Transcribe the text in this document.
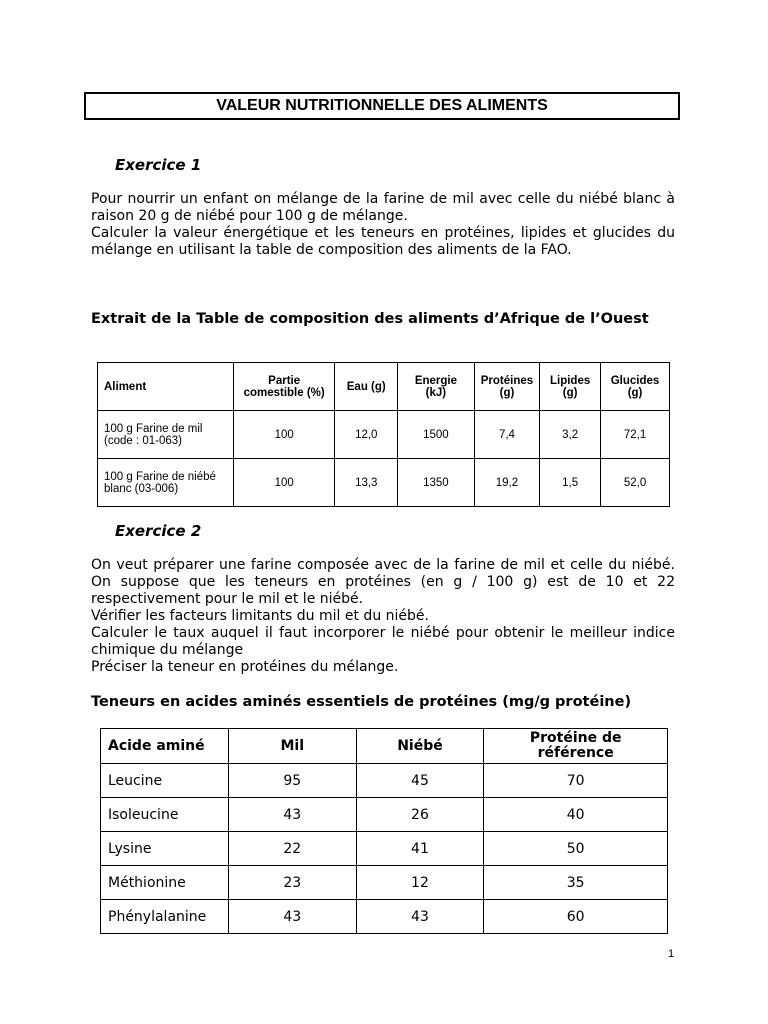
VALEUR NUTRITIONNELLE DES ALIMENTS
Exercice 1

Pour nourrir un enfant on mélange de la farine de mil avec celle du niébé blanc à raison 20 g de niébé pour 100 g de mélange.

Calculer la valeur énergétique et les teneurs en protéines, lipides et glucides du mélange en utilisant la table de composition des aliments de la FAO.

Extrait de la Table de composition des aliments d’Afrique de l’Ouest
Aliment	Partie comestible (%)	Eau (g)	Energie (kJ)	Protéines (g)	Lipides (g)	Glucides (g)
100 g Farine de mil (code : 01-063)	100	12,0	1500	7,4	3,2	72,1
100 g Farine de niébé blanc (03-006)	100	13,3	1350	19,2	1,5	52,0
Exercice 2

On veut préparer une farine composée avec de la farine de mil et celle du niébé. On suppose que les teneurs en protéines (en g / 100 g) est de 10 et 22 respectivement pour le mil et le niébé.

Vérifier les facteurs limitants du mil et du niébé.

Calculer le taux auquel il faut incorporer le niébé pour obtenir le meilleur indice chimique du mélange

Préciser la teneur en protéines du mélange.

Teneurs en acides aminés essentiels de protéines (mg/g protéine)
Acide aminé	Mil	Niébé	Protéine de référence
Leucine	95	45	70
Isoleucine	43	26	40
Lysine	22	41	50
Méthionine	23	12	35
Phénylalanine	43	43	60
1
